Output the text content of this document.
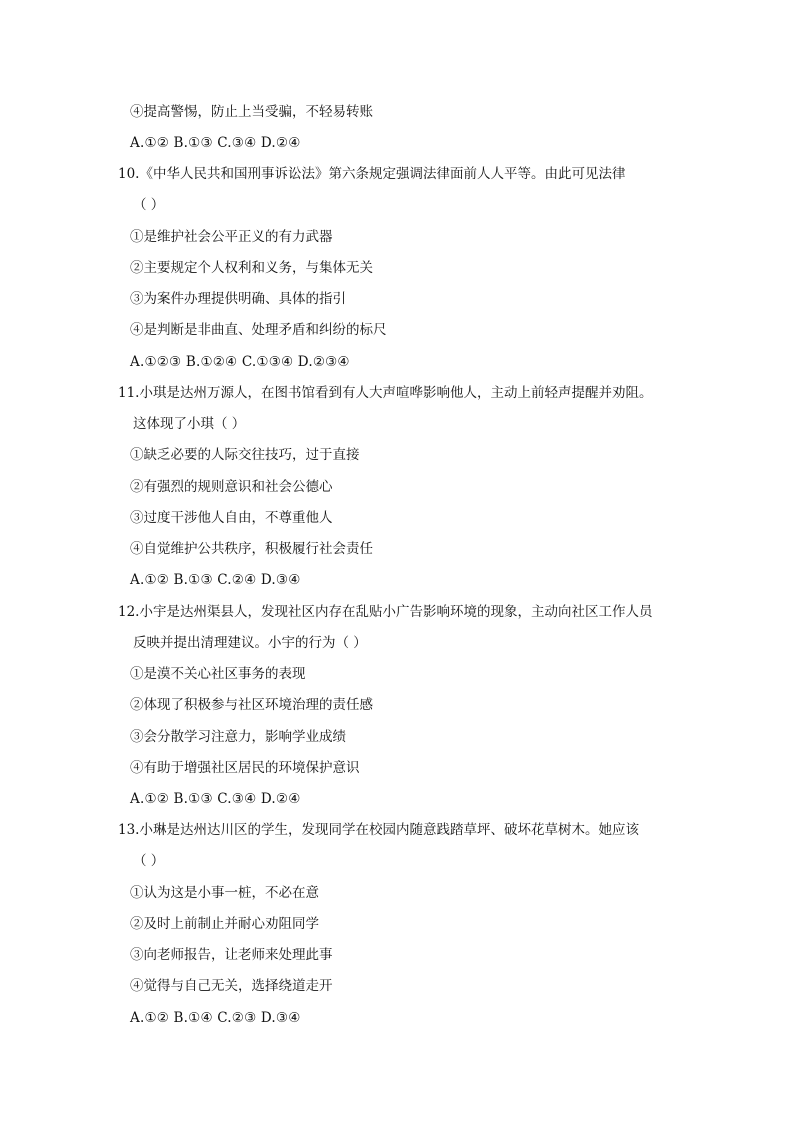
④提高警惕，防止上当受骗，不轻易转账
A.①② B.①③ C.③④ D.②④
10.《中华人民共和国刑事诉讼法》第六条规定强调法律面前人人平等。由此可见法律
（ ）
①是维护社会公平正义的有力武器
②主要规定个人权利和义务，与集体无关
③为案件办理提供明确、具体的指引
④是判断是非曲直、处理矛盾和纠纷的标尺
A.①②③ B.①②④ C.①③④ D.②③④
11.小琪是达州万源人，在图书馆看到有人大声喧哗影响他人，主动上前轻声提醒并劝阻。
这体现了小琪（ ）
①缺乏必要的人际交往技巧，过于直接
②有强烈的规则意识和社会公德心
③过度干涉他人自由，不尊重他人
④自觉维护公共秩序，积极履行社会责任
A.①② B.①③ C.②④ D.③④
12.小宇是达州渠县人，发现社区内存在乱贴小广告影响环境的现象，主动向社区工作人员
反映并提出清理建议。小宇的行为（ ）
①是漠不关心社区事务的表现
②体现了积极参与社区环境治理的责任感
③会分散学习注意力，影响学业成绩
④有助于增强社区居民的环境保护意识
A.①② B.①③ C.③④ D.②④
13.小琳是达州达川区的学生，发现同学在校园内随意践踏草坪、破坏花草树木。她应该
（ ）
①认为这是小事一桩，不必在意
②及时上前制止并耐心劝阻同学
③向老师报告，让老师来处理此事
④觉得与自己无关，选择绕道走开
A.①② B.①④ C.②③ D.③④
